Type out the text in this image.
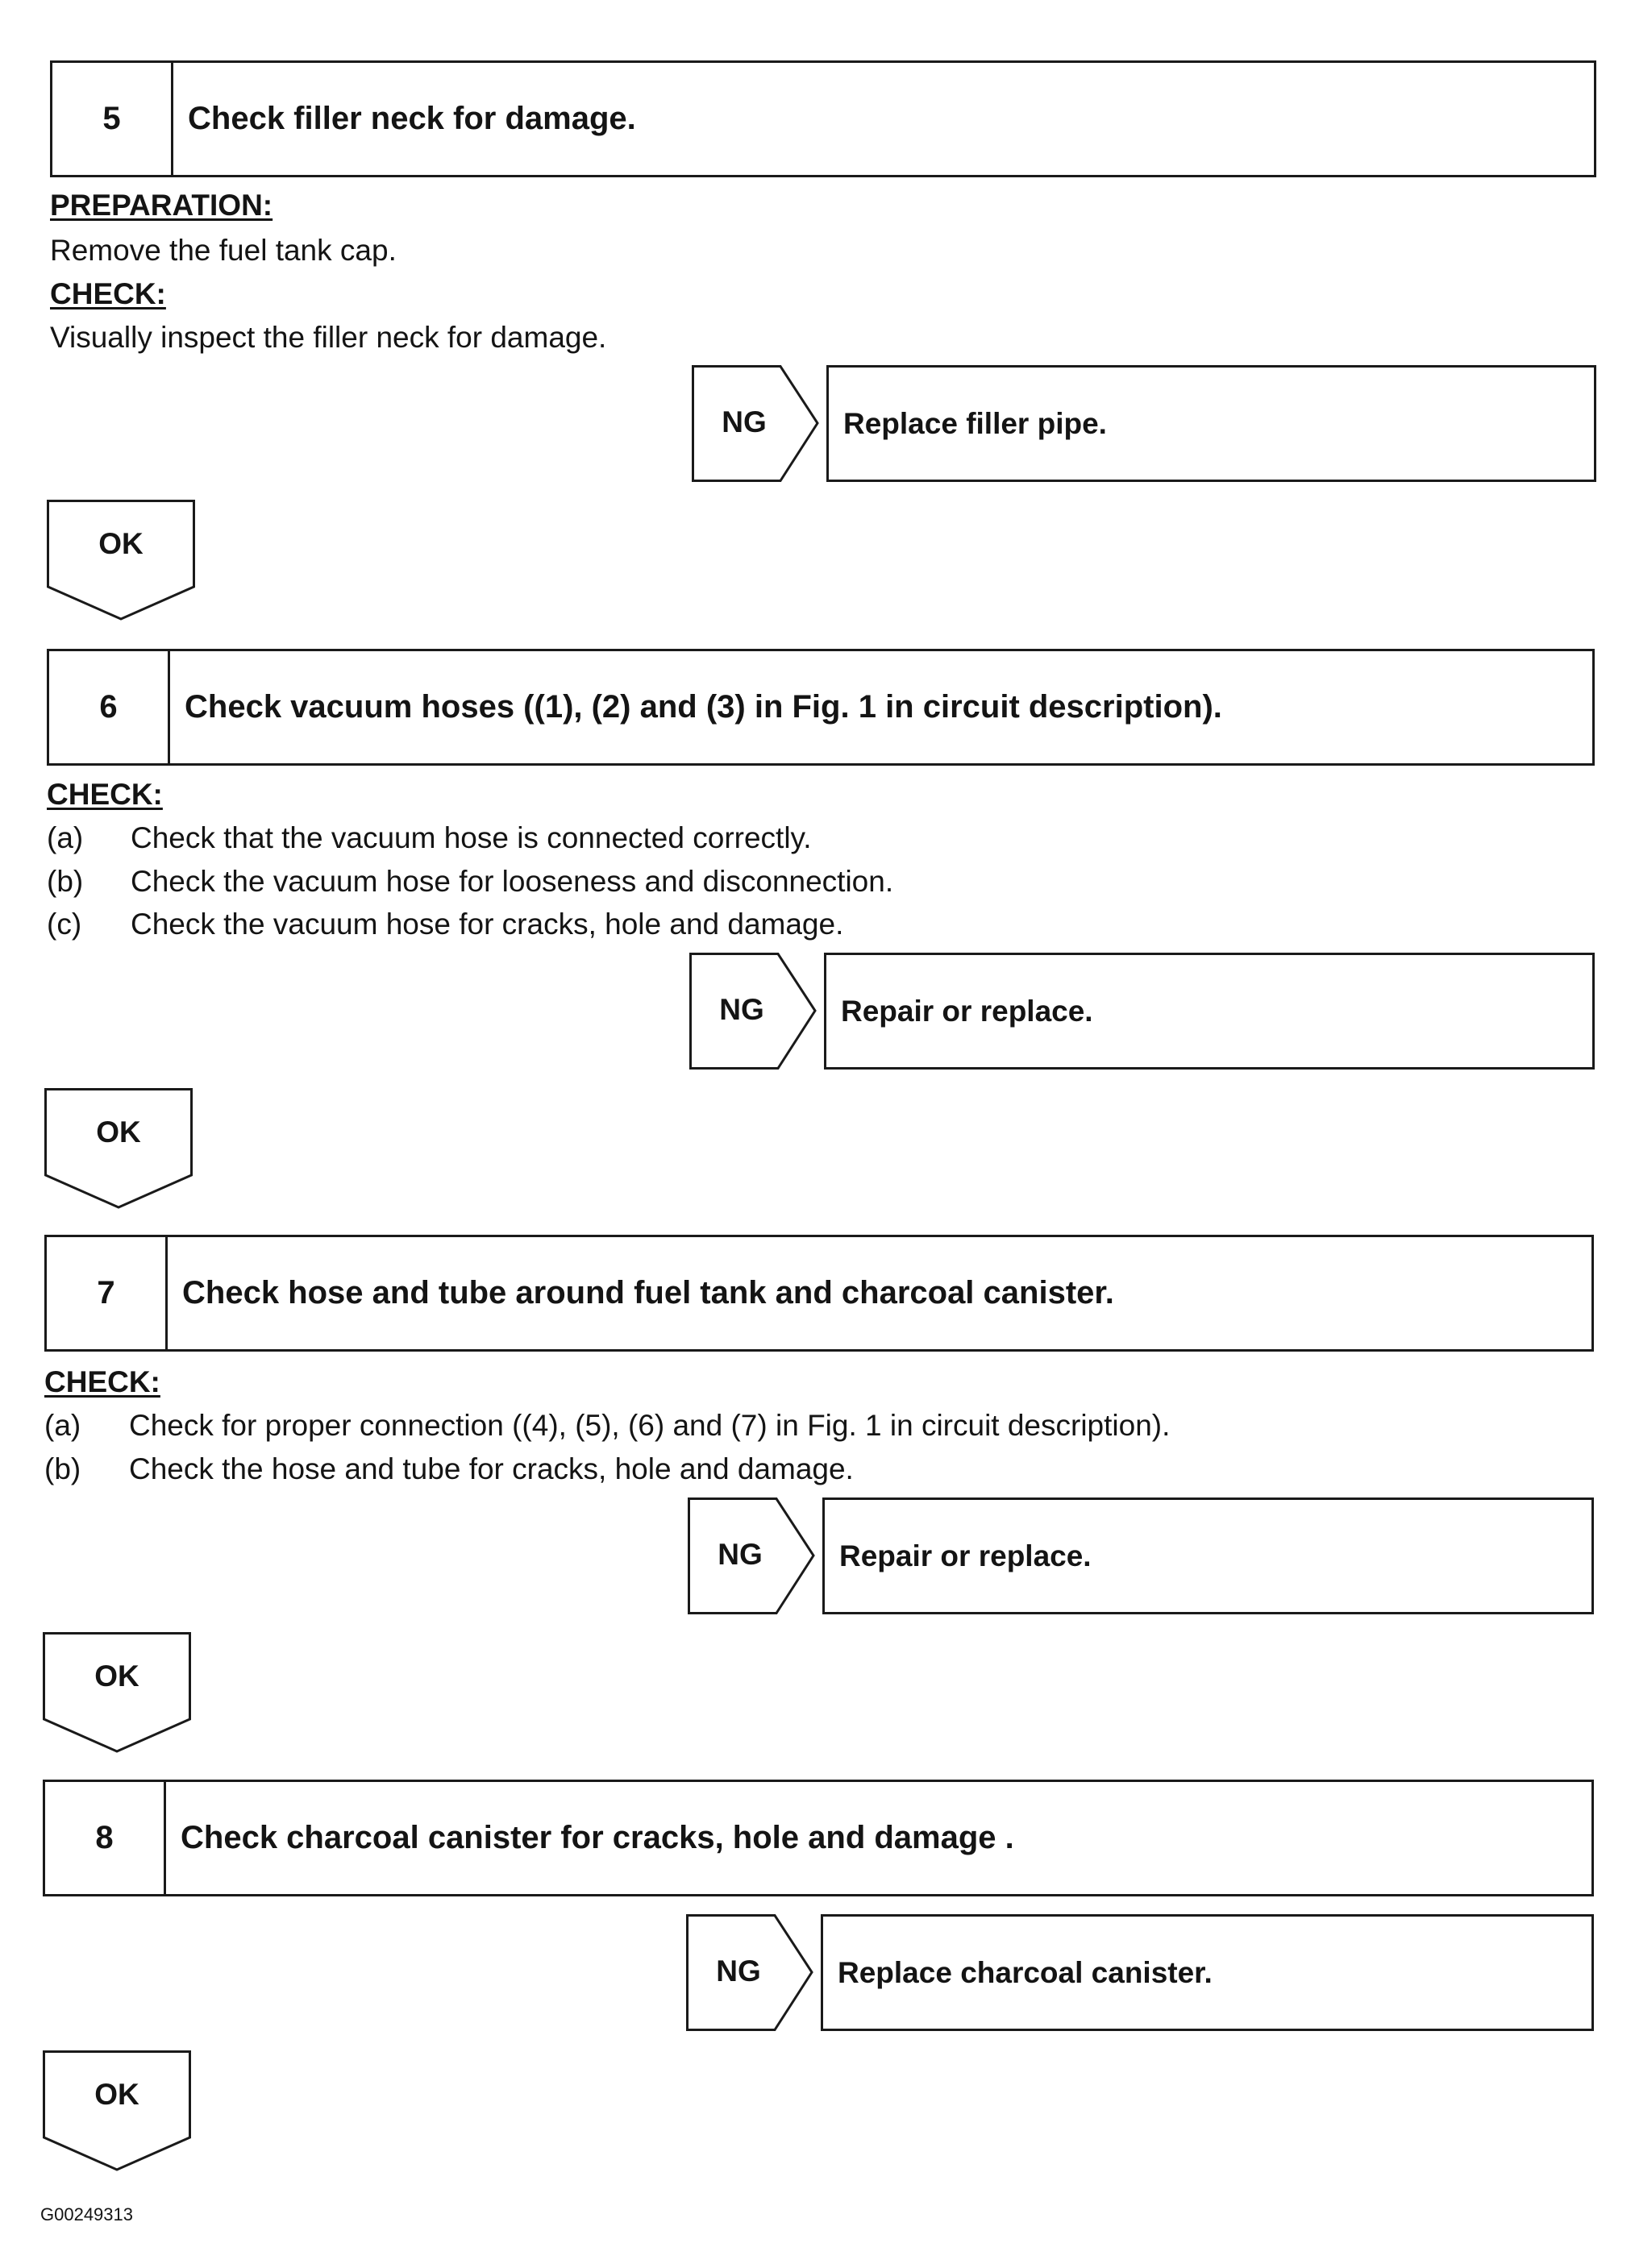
5	Check filler neck for damage.
PREPARATION:
Remove the fuel tank cap.
CHECK:
Visually inspect the filler neck for damage.
NG	Replace filler pipe.
OK
6	Check vacuum hoses ((1), (2) and (3) in Fig. 1 in circuit description).
CHECK:
(a) Check that the vacuum hose is connected correctly.
(b) Check the vacuum hose for looseness and disconnection.
(c) Check the vacuum hose for cracks, hole and damage.
NG	Repair or replace.
OK
7	Check hose and tube around fuel tank and charcoal canister.
CHECK:
(a) Check for proper connection ((4), (5), (6) and (7) in Fig. 1 in circuit description).
(b) Check the hose and tube for cracks, hole and damage.
NG	Repair or replace.
OK
8	Check charcoal canister for cracks, hole and damage .
NG	Replace charcoal canister.
OK
G00249313
